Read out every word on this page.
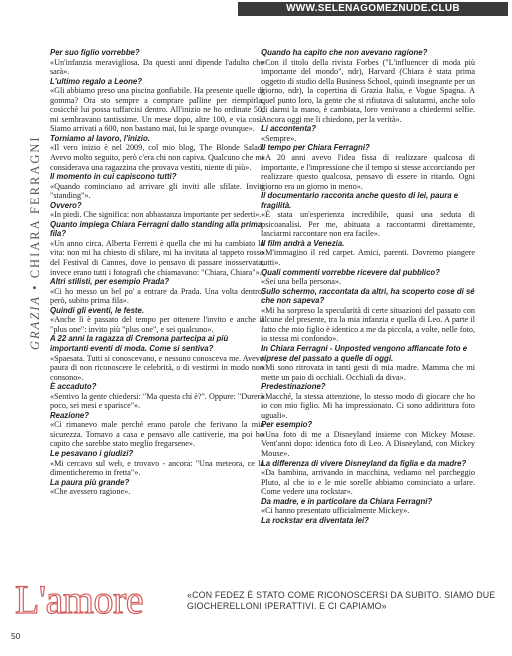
WWW.SELENAGOMEZNUDE.CLUB
GRAZIA • CHIARA FERRAGNI
Per suo figlio vorrebbe?
«Un'infanzia meravigliosa. Da questi anni dipende l'adulto che sarà».
L'ultimo regalo a Leone?
«Gli abbiamo preso una piscina gonfiabile. Ha presente quelle di gomma? Ora sto sempre a comprare palline per riempirla, cosicché lui possa tuffarcisi dentro. All'inizio ne ho ordinate 50, mi sembravano tantissime. Un mese dopo, altre 100, e via così. Siamo arrivati a 600, non bastano mai, lui le sparge ovunque».
Torniamo al lavoro, l'inizio.
«Il vero inizio è nel 2009, col mio blog, The Blonde Salad. Avevo molto seguito, però c'era chi non capiva. Qualcuno che mi considerava una ragazzina che provava vestiti, niente di più».
Il momento in cui capiscono tutti?
«Quando cominciano ad arrivare gli inviti alle sfilate. Inviti "standing"».
Ovvero?
«In piedi. Che significa: non abbastanza importante per sederti».
Quanto impiega Chiara Ferragni dallo standing alla prima fila?
«Un anno circa. Alberta Ferretti è quella che mi ha cambiato la vita: non mi ha chiesto di sfilare, mi ha invitata al tappeto rosso del Festival di Cannes, dove io pensavo di passare inosservata, invece erano tutti i fotografi che chiamavano: "Chiara, Chiara"».
Altri stilisti, per esempio Prada?
«Ci ho messo un bel po' a entrare da Prada. Una volta dentro, però, subito prima fila».
Quindi gli eventi, le feste.
«Anche lì è passato del tempo per ottenere l'invito e anche il "plus one": invito più "plus one", e sei qualcuno».
A 22 anni la ragazza di Cremona partecipa ai più importanti eventi di moda. Come si sentiva?
«Spaesata. Tutti si conoscevano, e nessuno conosceva me. Avevo paura di non riconoscere le celebrità, o di vestirmi in modo non consono».
È accaduto?
«Sentivo la gente chiedersi: "Ma questa chi è?". Oppure: "Durerà poco, sei mesi e sparisce"».
Reazione?
«Ci rimanevo male perché erano parole che ferivano la mia sicurezza. Tornavo a casa e pensavo alle cattiverie, ma poi ho capito che sarebbe stato meglio fregarsene».
Le pesavano i giudizi?
«Mi cercavo sul web, e trovavo - ancora: "Una meteora, ce la dimenticheremo in fretta"».
La paura più grande?
«Che avessero ragione».
Quando ha capito che non avevano ragione?
«Con il titolo della rivista Forbes ("L'influencer di moda più importante del mondo", ndr), Harvard (Chiara è stata prima oggetto di studio della Business School, quindi insegnante per un giorno, ndr), la copertina di Grazia Italia, e Vogue Spagna. A quel punto loro, la gente che si rifiutava di salutarmi, anche solo di darmi la mano, è cambiata, loro venivano a chiedermi selfie. Ancora oggi me li chiedono, per la verità».
Li accontenta?
«Sempre».
Il tempo per Chiara Ferragni?
«A 20 anni avevo l'idea fissa di realizzare qualcosa di importante, e l'impressione che il tempo si stesse accorciando per realizzare questo qualcosa, pensavo di essere in ritardo. Ogni giorno era un giorno in meno».
Il documentario racconta anche questo di lei, paura e fragilità.
«È stata un'esperienza incredibile, quasi una seduta di psicoanalisi. Per me, abituata a raccontarmi direttamente, lasciarmi raccontare non era facile».
Il film andrà a Venezia.
«M'immagino il red carpet. Amici, parenti. Dovremo piangere tutti».
Quali commenti vorrebbe ricevere dal pubblico?
«Sei una bella persona».
Sullo schermo, raccontata da altri, ha scoperto cose di sé che non sapeva?
«Mi ha sorpreso la specularità di certe situazioni del passato con alcune del presente, tra la mia infanzia e quella di Leo. A parte il fatto che mio figlio è identico a me da piccola, a volte, nelle foto, io stessa mi confondo».
In Chiara Ferragni - Unposted vengono affiancate foto e riprese del passato a quelle di oggi.
«Mi sono ritrovata in tanti gesti di mia madre. Mamma che mi mette un paio di occhiali. Occhiali da diva».
Predestinazione?
«Macché, la stessa attenzione, lo stesso modo di giocare che ho io con mio figlio. Mi ha impressionato. Ci sono addirittura foto uguali».
Per esempio?
«Una foto di me a Disneyland insieme con Mickey Mouse. Vent'anni dopo: identica foto di Leo. A Disneyland, con Mickey Mouse».
La differenza di vivere Disneyland da figlia e da madre?
«Da bambina, arrivando in macchina, vediamo nel parcheggio Pluto, al che io e le mie sorelle abbiamo cominciato a urlare. Come vedere una rockstar».
Da madre, e in particolare da Chiara Ferragni?
«Ci hanno presentato ufficialmente Mickey».
La rockstar era diventata lei?
L'amore	«CON FEDEZ È STATO COME RICONOSCERSI DA SUBITO. SIAMO DUE GIOCHERELLONI IPERATTIVI. E CI CAPIAMO»
50
